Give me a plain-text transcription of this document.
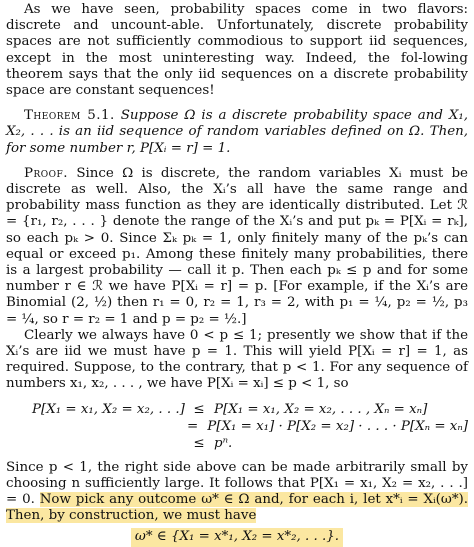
As we have seen, probability spaces come in two flavors: discrete and uncount-able. Unfortunately, discrete probability spaces are not sufficiently commodious to support iid sequences, except in the most uninteresting way. Indeed, the fol-lowing theorem says that the only iid sequences on a discrete probability space are constant sequences!

Theorem 5.1. Suppose Ω is a discrete probability space and X₁, X₂, . . . is an iid sequence of random variables defined on Ω. Then, for some number r, P[Xᵢ = r] = 1.

Proof. Since Ω is discrete, the random variables Xᵢ must be discrete as well. Also, the Xᵢ’s all have the same range and probability mass function as they are identically distributed. Let ℛ = {r₁, r₂, . . . } denote the range of the Xᵢ’s and put pₖ = P[Xᵢ = rₖ], so each pₖ > 0. Since Σₖ pₖ = 1, only finitely many of the pₖ’s can equal or exceed p₁. Among these finitely many probabilities, there is a largest probability — call it p. Then each pₖ ≤ p and for some number r ∈ ℛ we have P[Xᵢ = r] = p. [For example, if the Xᵢ’s are Binomial (2, ½) then r₁ = 0, r₂ = 1, r₃ = 2, with p₁ = ¼, p₂ = ½, p₃ = ¼, so r = r₂ = 1 and p = p₂ = ½.]

Clearly we always have 0 < p ≤ 1; presently we show that if the Xᵢ’s are iid we must have p = 1. This will yield P[Xᵢ = r] = 1, as required. Suppose, to the contrary, that p < 1. For any sequence of numbers x₁, x₂, . . . , we have P[Xᵢ = xᵢ] ≤ p < 1, so

P[X₁ = x₁, X₂ = x₂, . . .] ≤ P[X₁ = x₁, X₂ = x₂, . . . , Xₙ = xₙ]
= P[X₁ = x₁] · P[X₂ = x₂] · . . . · P[Xₙ = xₙ]
≤ pⁿ.

Since p < 1, the right side above can be made arbitrarily small by choosing n sufficiently large. It follows that P[X₁ = x₁, X₂ = x₂, . . .] = 0. Now pick any outcome ω* ∈ Ω and, for each i, let x*ᵢ = Xᵢ(ω*). Then, by construction, we must have

ω* ∈ {X₁ = x*₁, X₂ = x*₂, . . .}.
